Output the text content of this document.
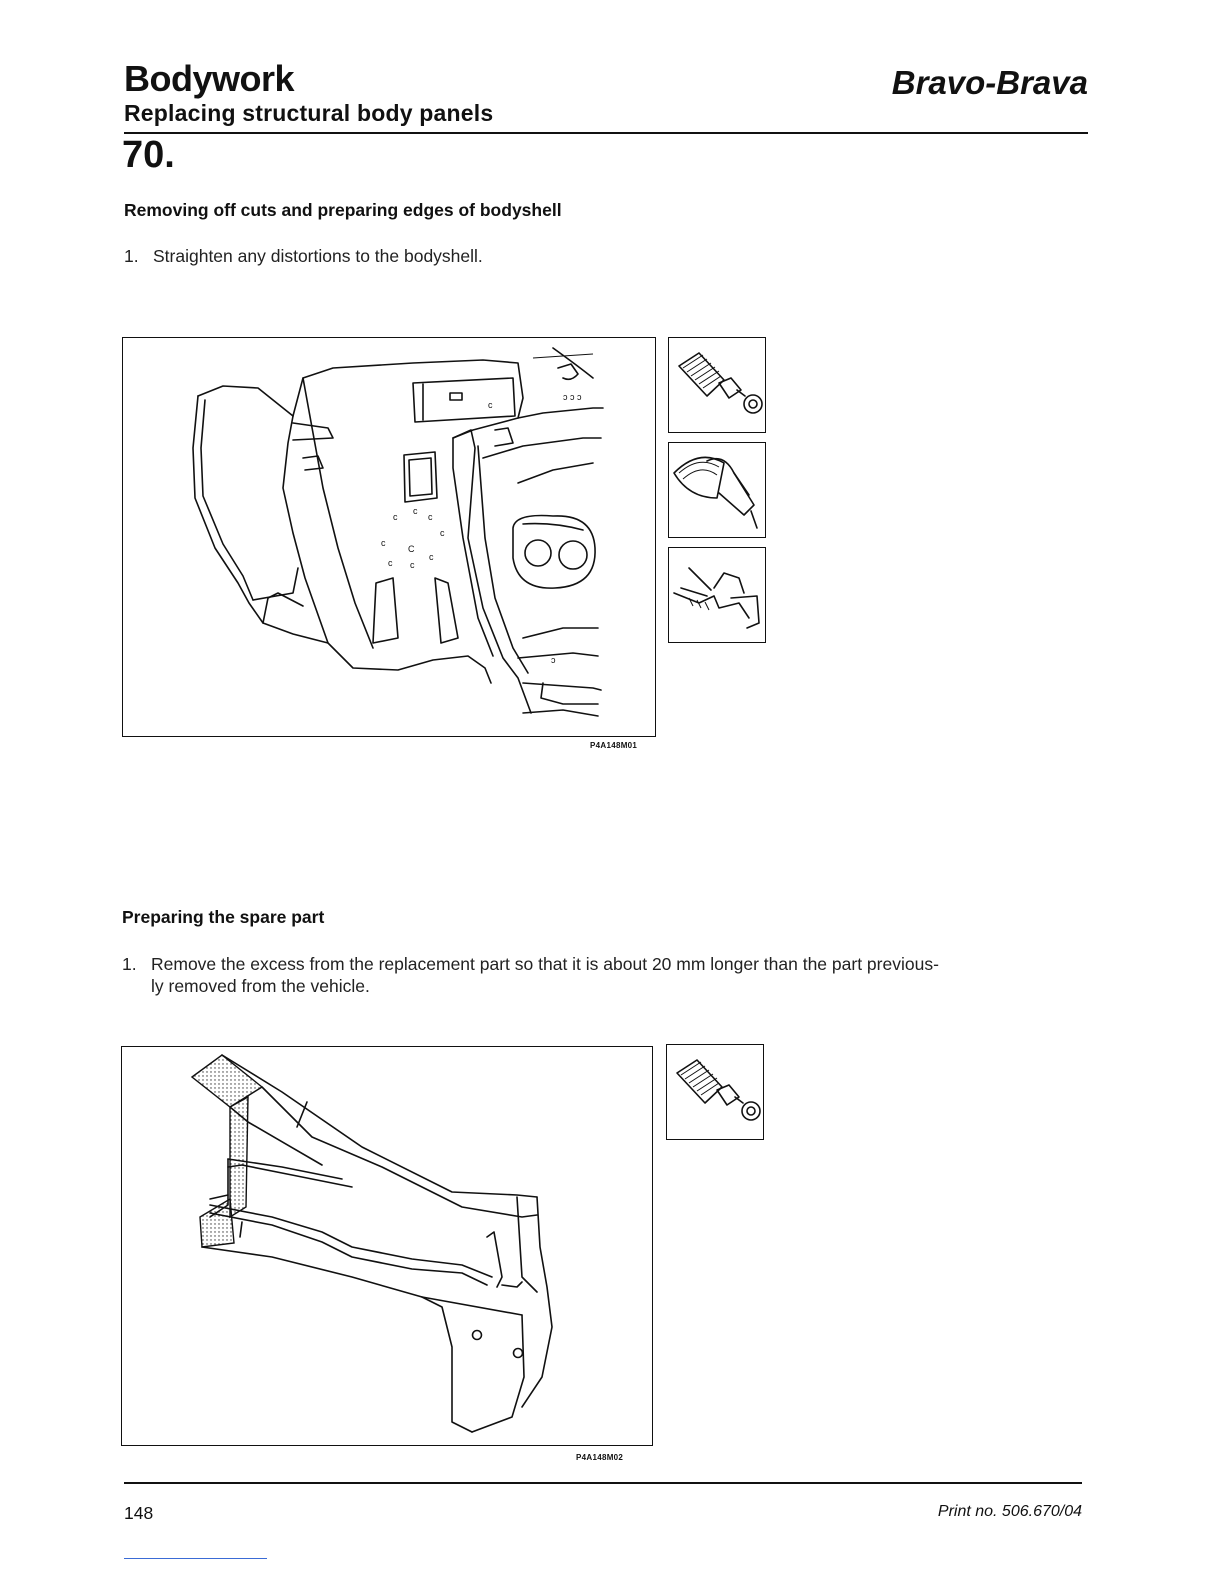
Bodywork	Bravo-Brava
Replacing structural body panels
70.
Removing off cuts and preparing edges of bodyshell
1. Straighten any distortions to the bodyshell.
c
c
c
c
C
c
c c
c
c
ɔ ɔ ɔ
ɔ
P4A148M01
Preparing the spare part
1. Remove the excess from the replacement part so that it is about 20 mm longer than the part previous-
ly removed from the vehicle.
P4A148M02
148	Print no. 506.670/04
